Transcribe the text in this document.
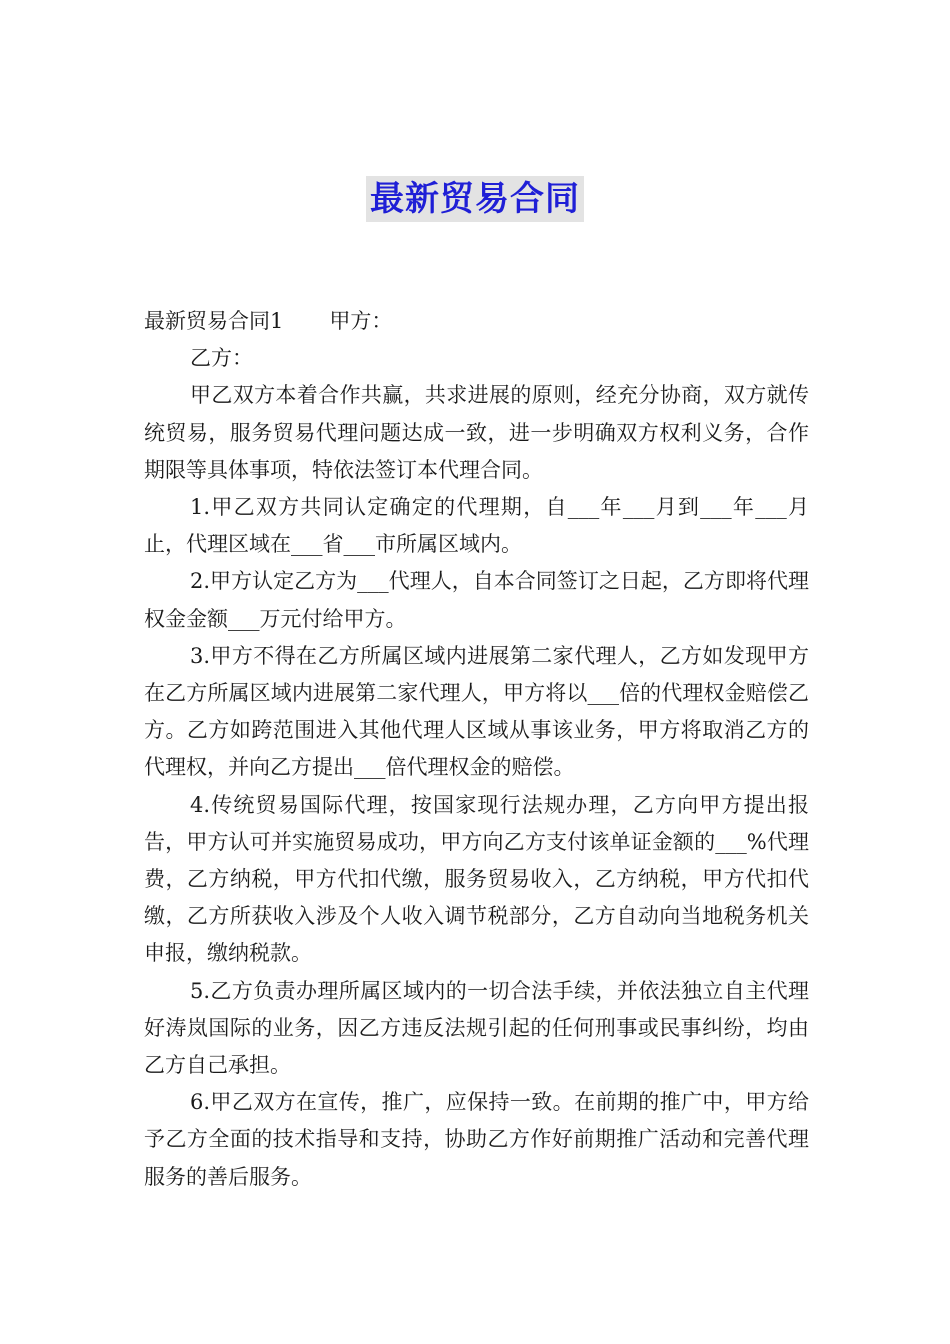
最新贸易合同

最新贸易合同1 甲方：

乙方：

甲乙双方本着合作共赢，共求进展的原则，经充分协商，双方就传统贸易，服务贸易代理问题达成一致，进一步明确双方权利义务，合作期限等具体事项，特依法签订本代理合同。

1.甲乙双方共同认定确定的代理期，自___年___月到___年___月止，代理区域在___省___市所属区域内。

2.甲方认定乙方为___代理人，自本合同签订之日起，乙方即将代理权金金额___万元付给甲方。

3.甲方不得在乙方所属区域内进展第二家代理人，乙方如发现甲方在乙方所属区域内进展第二家代理人，甲方将以___倍的代理权金赔偿乙方。乙方如跨范围进入其他代理人区域从事该业务，甲方将取消乙方的代理权，并向乙方提出___倍代理权金的赔偿。

4.传统贸易国际代理，按国家现行法规办理，乙方向甲方提出报告，甲方认可并实施贸易成功，甲方向乙方支付该单证金额的___%代理费，乙方纳税，甲方代扣代缴，服务贸易收入，乙方纳税，甲方代扣代缴，乙方所获收入涉及个人收入调节税部分，乙方自动向当地税务机关申报，缴纳税款。

5.乙方负责办理所属区域内的一切合法手续，并依法独立自主代理好涛岚国际的业务，因乙方违反法规引起的任何刑事或民事纠纷，均由乙方自己承担。

6.甲乙双方在宣传，推广，应保持一致。在前期的推广中，甲方给予乙方全面的技术指导和支持，协助乙方作好前期推广活动和完善代理服务的善后服务。
